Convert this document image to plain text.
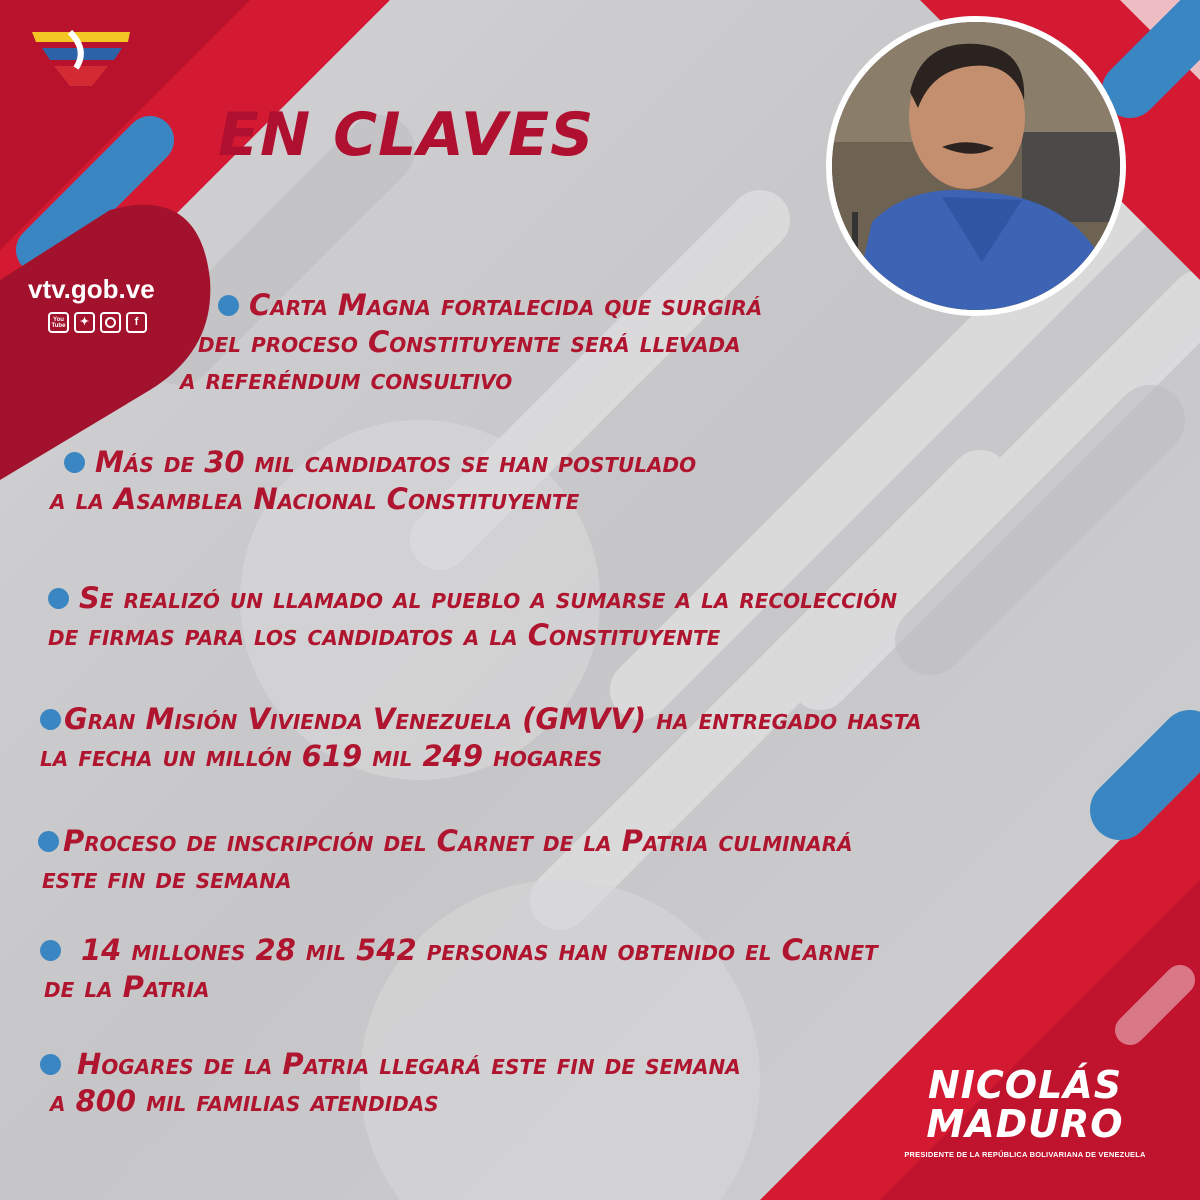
EN CLAVES
vtv.gob.ve
You Tube	✦	f	Carta Magna fortalecida que surgirá
del proceso Constituyente será llevada
a referéndum consultivo

Más de 30 mil candidatos se han postulado
a la Asamblea Nacional Constituyente

Se realizó un llamado al pueblo a sumarse a la recolección
de firmas para los candidatos a la Constituyente

Gran Misión Vivienda Venezuela (GMVV) ha entregado hasta
la fecha un millón 619 mil 249 hogares

Proceso de inscripción del Carnet de la Patria culminará
este fin de semana

14 millones 28 mil 542 personas han obtenido el Carnet
de la Patria

Hogares de la Patria llegará este fin de semana
a 800 mil familias atendidas	NICOLÁS
MADURO
PRESIDENTE DE LA REPÚBLICA BOLIVARIANA DE VENEZUELA
